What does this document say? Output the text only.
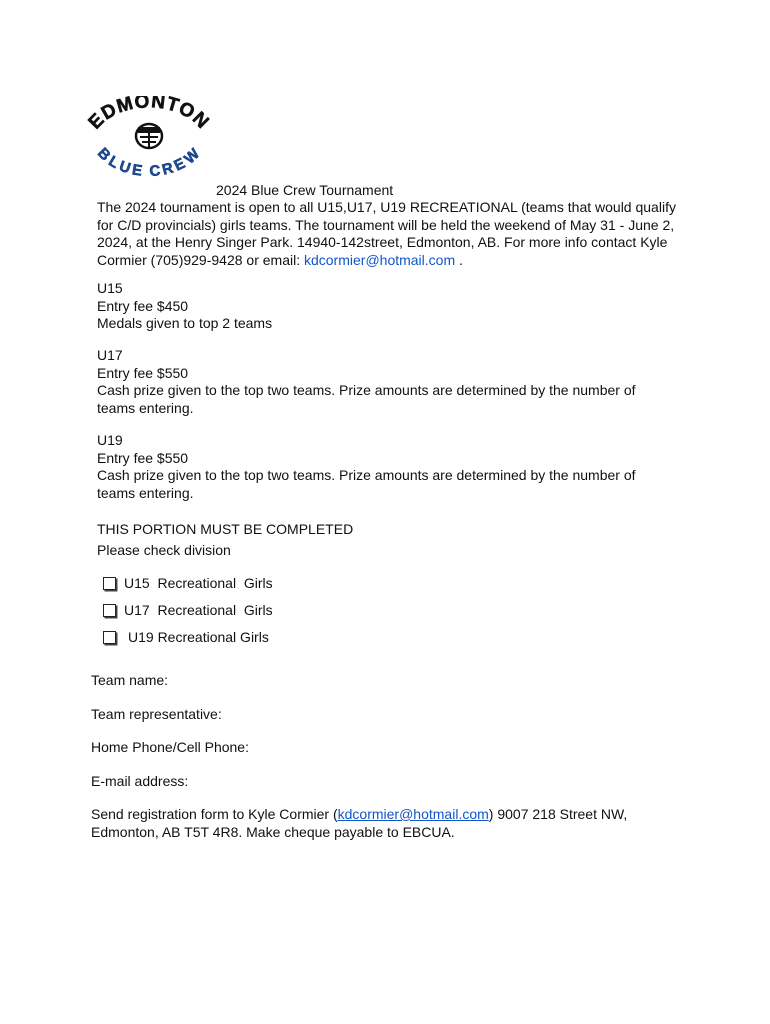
EDMONTON
BLUE CREW
2024 Blue Crew Tournament
The 2024 tournament is open to all U15,U17, U19 RECREATIONAL (teams that would qualify for C/D provincials) girls teams. The tournament will be held the weekend of May 31 - June 2, 2024, at the Henry Singer Park. 14940-142street, Edmonton, AB. For more info contact Kyle Cormier (705)929-9428 or email: kdcormier@hotmail.com .
U15
Entry fee $450
Medals given to top 2 teams
U17
Entry fee $550
Cash prize given to the top two teams. Prize amounts are determined by the number of teams entering.
U19
Entry fee $550
Cash prize given to the top two teams. Prize amounts are determined by the number of teams entering.
THIS PORTION MUST BE COMPLETED
Please check division
U15  Recreational  Girls
U17  Recreational  Girls
U19 Recreational Girls
Team name:
Team representative:
Home Phone/Cell Phone:
E-mail address:
Send registration form to Kyle Cormier (kdcormier@hotmail.com) 9007 218 Street NW, Edmonton, AB T5T 4R8. Make cheque payable to EBCUA.
